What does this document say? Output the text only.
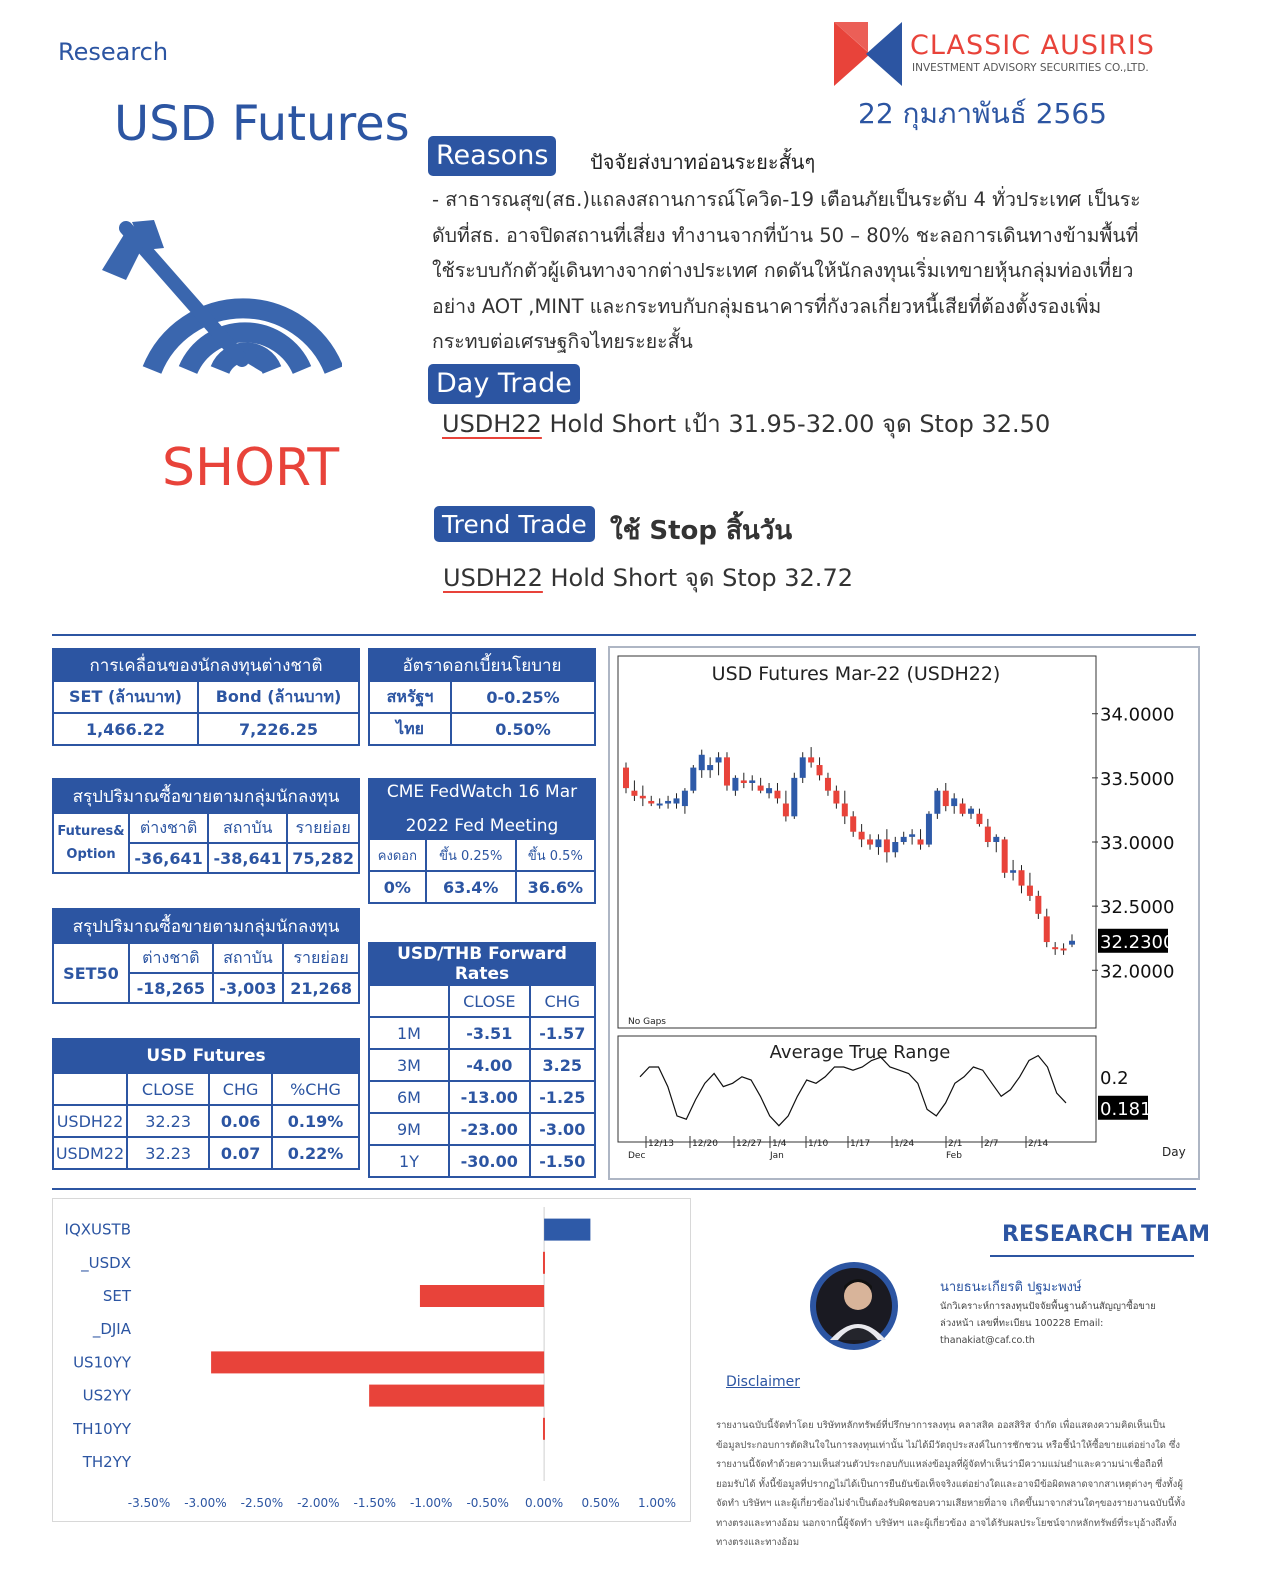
Research
USD Futures
SHORT
CLASSIC AUSIRIS
INVESTMENT ADVISORY SECURITIES CO.,LTD.
22 กุมภาพันธ์ 2565
Reasons	ปัจจัยส่งบาทอ่อนระยะสั้นๆ
- สาธารณสุข(สธ.)แถลงสถานการณ์โควิด-19 เตือนภัยเป็นระดับ 4 ทั่วประเทศ เป็นระดับที่สธ. อาจปิดสถานที่เสี่ยง ทำงานจากที่บ้าน 50 – 80% ชะลอการเดินทางข้ามพื้นที่ ใช้ระบบกักตัวผู้เดินทางจากต่างประเทศ กดดันให้นักลงทุนเริ่มเทขายหุ้นกลุ่มท่องเที่ยวอย่าง AOT ,MINT และกระทบกับกลุ่มธนาคารที่กังวลเกี่ยวหนี้เสียที่ต้องตั้งรองเพิ่ม กระทบต่อเศรษฐกิจไทยระยะสั้น
Day Trade
USDH22 Hold Short เป้า 31.95-32.00 จุด Stop 32.50
Trend Trade ใช้ Stop สิ้นวัน
USDH22 Hold Short จุด Stop 32.72
การเคลื่อนของนักลงทุนต่างชาติ	
SET (ล้านบาท)	Bond (ล้านบาท)
1,466.22	7,226.25
อัตราดอกเบี้ยนโยบาย	
สหรัฐฯ	0-0.25%
ไทย	0.50%
สรุปปริมาณซื้อขายตามกลุ่มนักลงทุน			

Futures&
Option	ต่างชาติ	สถาบัน	รายย่อย
	-36,641	-38,641	75,282
CME FedWatch 16 Mar
2022 Fed Meeting		

คงดอก	ขึ้น 0.25%	ขึ้น 0.5%
0%	63.4%	36.6%
สรุปปริมาณซื้อขายตามกลุ่มนักลงทุน			
SET50	ต่างชาติ	สถาบัน	รายย่อย
	-18,265	-3,003	21,268
USD/THB Forward Rates		
	CLOSE	CHG
1M	-3.51	-1.57
3M	-4.00	3.25
6M	-13.00	-1.25
9M	-23.00	-3.00
1Y	-30.00	-1.50
USD Futures			
	CLOSE	CHG	%CHG
USDH22	32.23	0.06	0.19%
USDM22	32.23	0.07	0.22%
USD Futures Mar-22 (USDH22)
34.0000
33.5000
33.0000
32.5000
32.0000
32.2300
No Gaps
Average True Range
0.2
0.181
12/13 12/20 12/27 1/4 1/10 1/17	1/24	2/1 2/7	2/14
Dec	Jan	Feb	Day
IQXUSTB
_USDX
SET
_DJIA
US10YY
US2YY
TH10YY
TH2YY
-3.50% -3.00% -2.50% -2.00% -1.50% -1.00% -0.50% 0.00% 0.50% 1.00%
RESEARCH TEAM
นายธนะเกียรติ ปฐมะพงษ์
นักวิเคราะห์การลงทุนปัจจัยพื้นฐานด้านสัญญาซื้อขาย
ล่วงหน้า เลขที่ทะเบียน 100228 Email:
thanakiat@caf.co.th
Disclaimer
รายงานฉบับนี้จัดทำโดย บริษัทหลักทรัพย์ที่ปรึกษาการลงทุน คลาสสิค ออสสิริส จำกัด เพื่อแสดงความคิดเห็นเป็นข้อมูลประกอบการตัดสินใจในการลงทุนเท่านั้น ไม่ได้มีวัตถุประสงค์ในการชักชวน หรือชี้นำให้ซื้อขายแต่อย่างใด ซึ่งรายงานนี้จัดทำด้วยความเห็นส่วนตัวประกอบกับแหล่งข้อมูลที่ผู้จัดทำเห็นว่ามีความแม่นยำและความน่าเชื่อถือที่ยอมรับได้ ทั้งนี้ข้อมูลที่ปรากฏไม่ได้เป็นการยืนยันข้อเท็จจริงแต่อย่างใดและอาจมีข้อผิดพลาดจากสาเหตุต่างๆ ซึ่งทั้งผู้จัดทำ บริษัทฯ และผู้เกี่ยวข้องไม่จำเป็นต้องรับผิดชอบความเสียหายที่อาจ เกิดขึ้นมาจากส่วนใดๆของรายงานฉบับนี้ทั้งทางตรงและทางอ้อม นอกจากนี้ผู้จัดทำ บริษัทฯ และผู้เกี่ยวข้อง อาจได้รับผลประโยชน์จากหลักทรัพย์ที่ระบุอ้างถึงทั้งทางตรงและทางอ้อม
